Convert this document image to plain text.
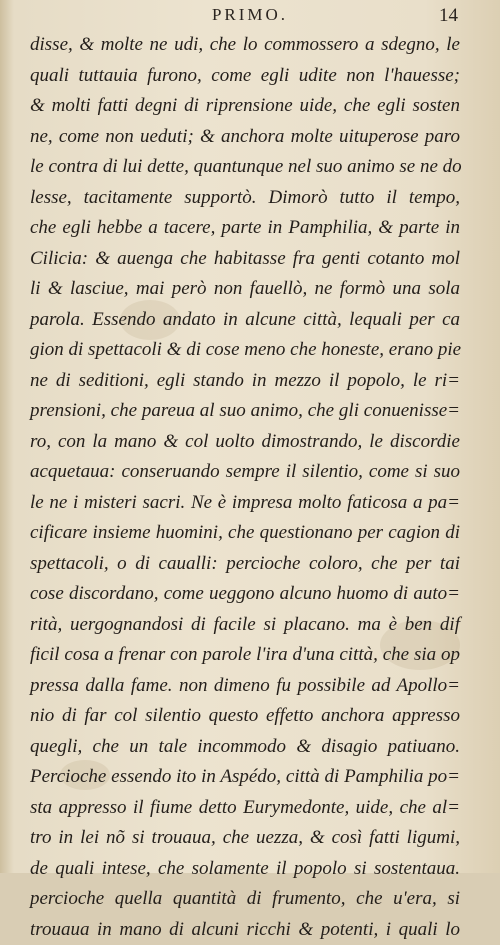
PRIMO.	14
disse, & molte ne udi, che lo commossero a sdegno, le
quali tuttauia furono, come egli udite non l'hauesse;
& molti fatti degni di riprensione uide, che egli sosten
ne, come non ueduti; & anchora molte uituperose paro
le contra di lui dette, quantunque nel suo animo se ne do
lesse, tacitamente supportò. Dimorò tutto il tempo,
che egli hebbe a tacere, parte in Pamphilia, & parte in
Cilicia: & auenga che habitasse fra genti cotanto mol
li & lasciue, mai però non fauellò, ne formò una sola
parola. Essendo andato in alcune città, lequali per ca
gion di spettacoli & di cose meno che honeste, erano pie
ne di seditioni, egli stando in mezzo il popolo, le ri=
prensioni, che pareua al suo animo, che gli conuenisse=
ro, con la mano & col uolto dimostrando, le discordie
acquetaua: conseruando sempre il silentio, come si suo
le ne i misteri sacri. Ne è impresa molto faticosa a pa=
cificare insieme huomini, che questionano per cagion di
spettacoli, o di caualli: percioche coloro, che per tai
cose discordano, come ueggono alcuno huomo di auto=
rità, uergognandosi di facile si placano. ma è ben dif
ficil cosa a frenar con parole l'ira d'una città, che sia op
pressa dalla fame. non dimeno fu possibile ad Apollo=
nio di far col silentio questo effetto anchora appresso
quegli, che un tale incommodo & disagio patiuano.
Percioche essendo ito in Aspédo, città di Pamphilia po=
sta appresso il fiume detto Eurymedonte, uide, che al=
tro in lei nõ si trouaua, che uezza, & così fatti ligumi,
de quali intese, che solamente il popolo si sostentaua.
percioche quella quantità di frumento, che u'era, si
trouaua in mano di alcuni ricchi & potenti, i quali lo
